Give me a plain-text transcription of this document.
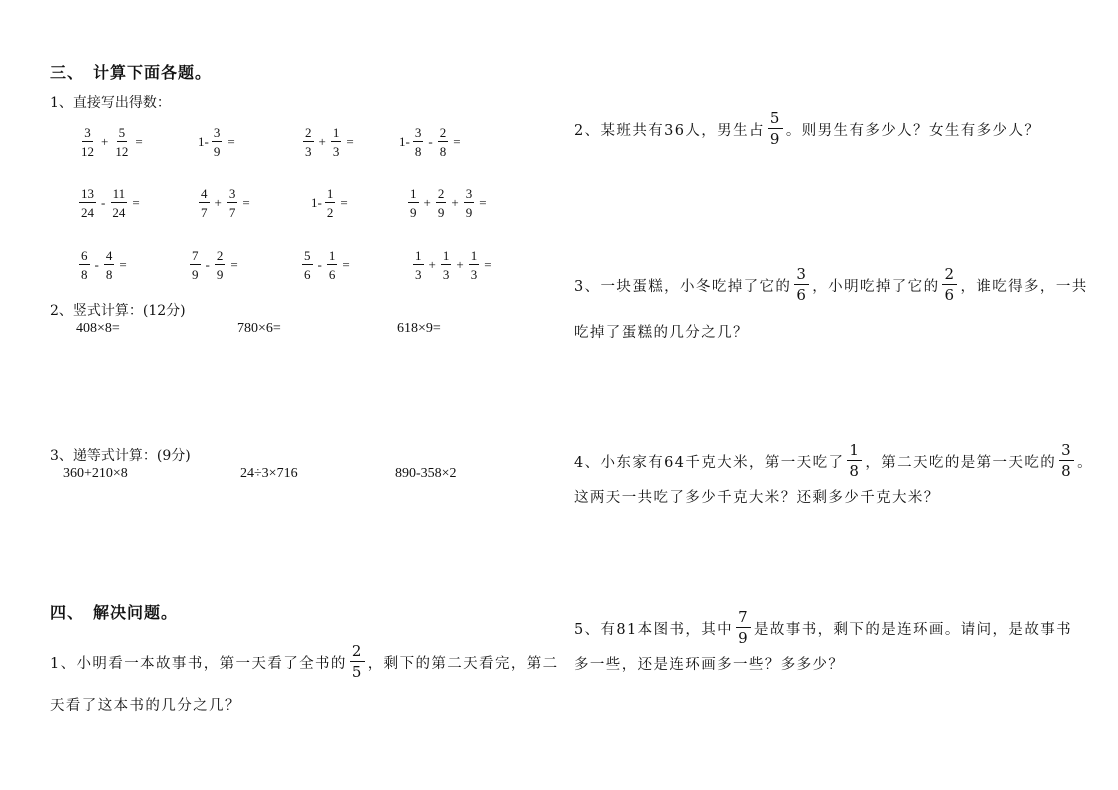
三、　计算下面各题。
1、直接写出得数：
$\frac{3}{12} + \frac{5}{12}$ =	$1- \frac{3}{9}$ =	$\frac{2}{3} + \frac{1}{3}$ =	$1- \frac{3}{8} - \frac{2}{8}$ =
$\frac{13}{24} - \frac{11}{24}$ =	$\frac{4}{7} + \frac{3}{7}$ =	$1- \frac{1}{2}$ =	$\frac{1}{9} + \frac{2}{9} + \frac{3}{9}$ =
$\frac{6}{8} - \frac{4}{8}$ =	$\frac{7}{9} - \frac{2}{9}$ =	$\frac{5}{6} - \frac{1}{6}$ =	$\frac{1}{3} + \frac{1}{3} + \frac{1}{3}$ =
2、竖式计算：(12分)
408×8=	780×6=	618×9=
3、递等式计算：(9分)
360+210×8	24÷3×716	890-358×2
四、　解决问题。
1、小明看一本故事书，第一天看了全书的 $\frac{2}{5}$ ，剩下的第二天看完，第二
天看了这本书的几分之几？
2、某班共有36人，男生占 $\frac{5}{9}$ 。则男生有多少人？女生有多少人？
3、一块蛋糕，小冬吃掉了它的 $\frac{3}{6}$ ，小明吃掉了它的 $\frac{2}{6}$ ，谁吃得多，一共
吃掉了蛋糕的几分之几？
4、小东家有64千克大米，第一天吃了 $\frac{1}{8}$ ，第二天吃的是第一天吃的 $\frac{3}{8}$ 。
这两天一共吃了多少千克大米？还剩多少千克大米？
5、有81本图书，其中 $\frac{7}{9}$ 是故事书，剩下的是连环画。请问，是故事书
多一些，还是连环画多一些？多多少？
